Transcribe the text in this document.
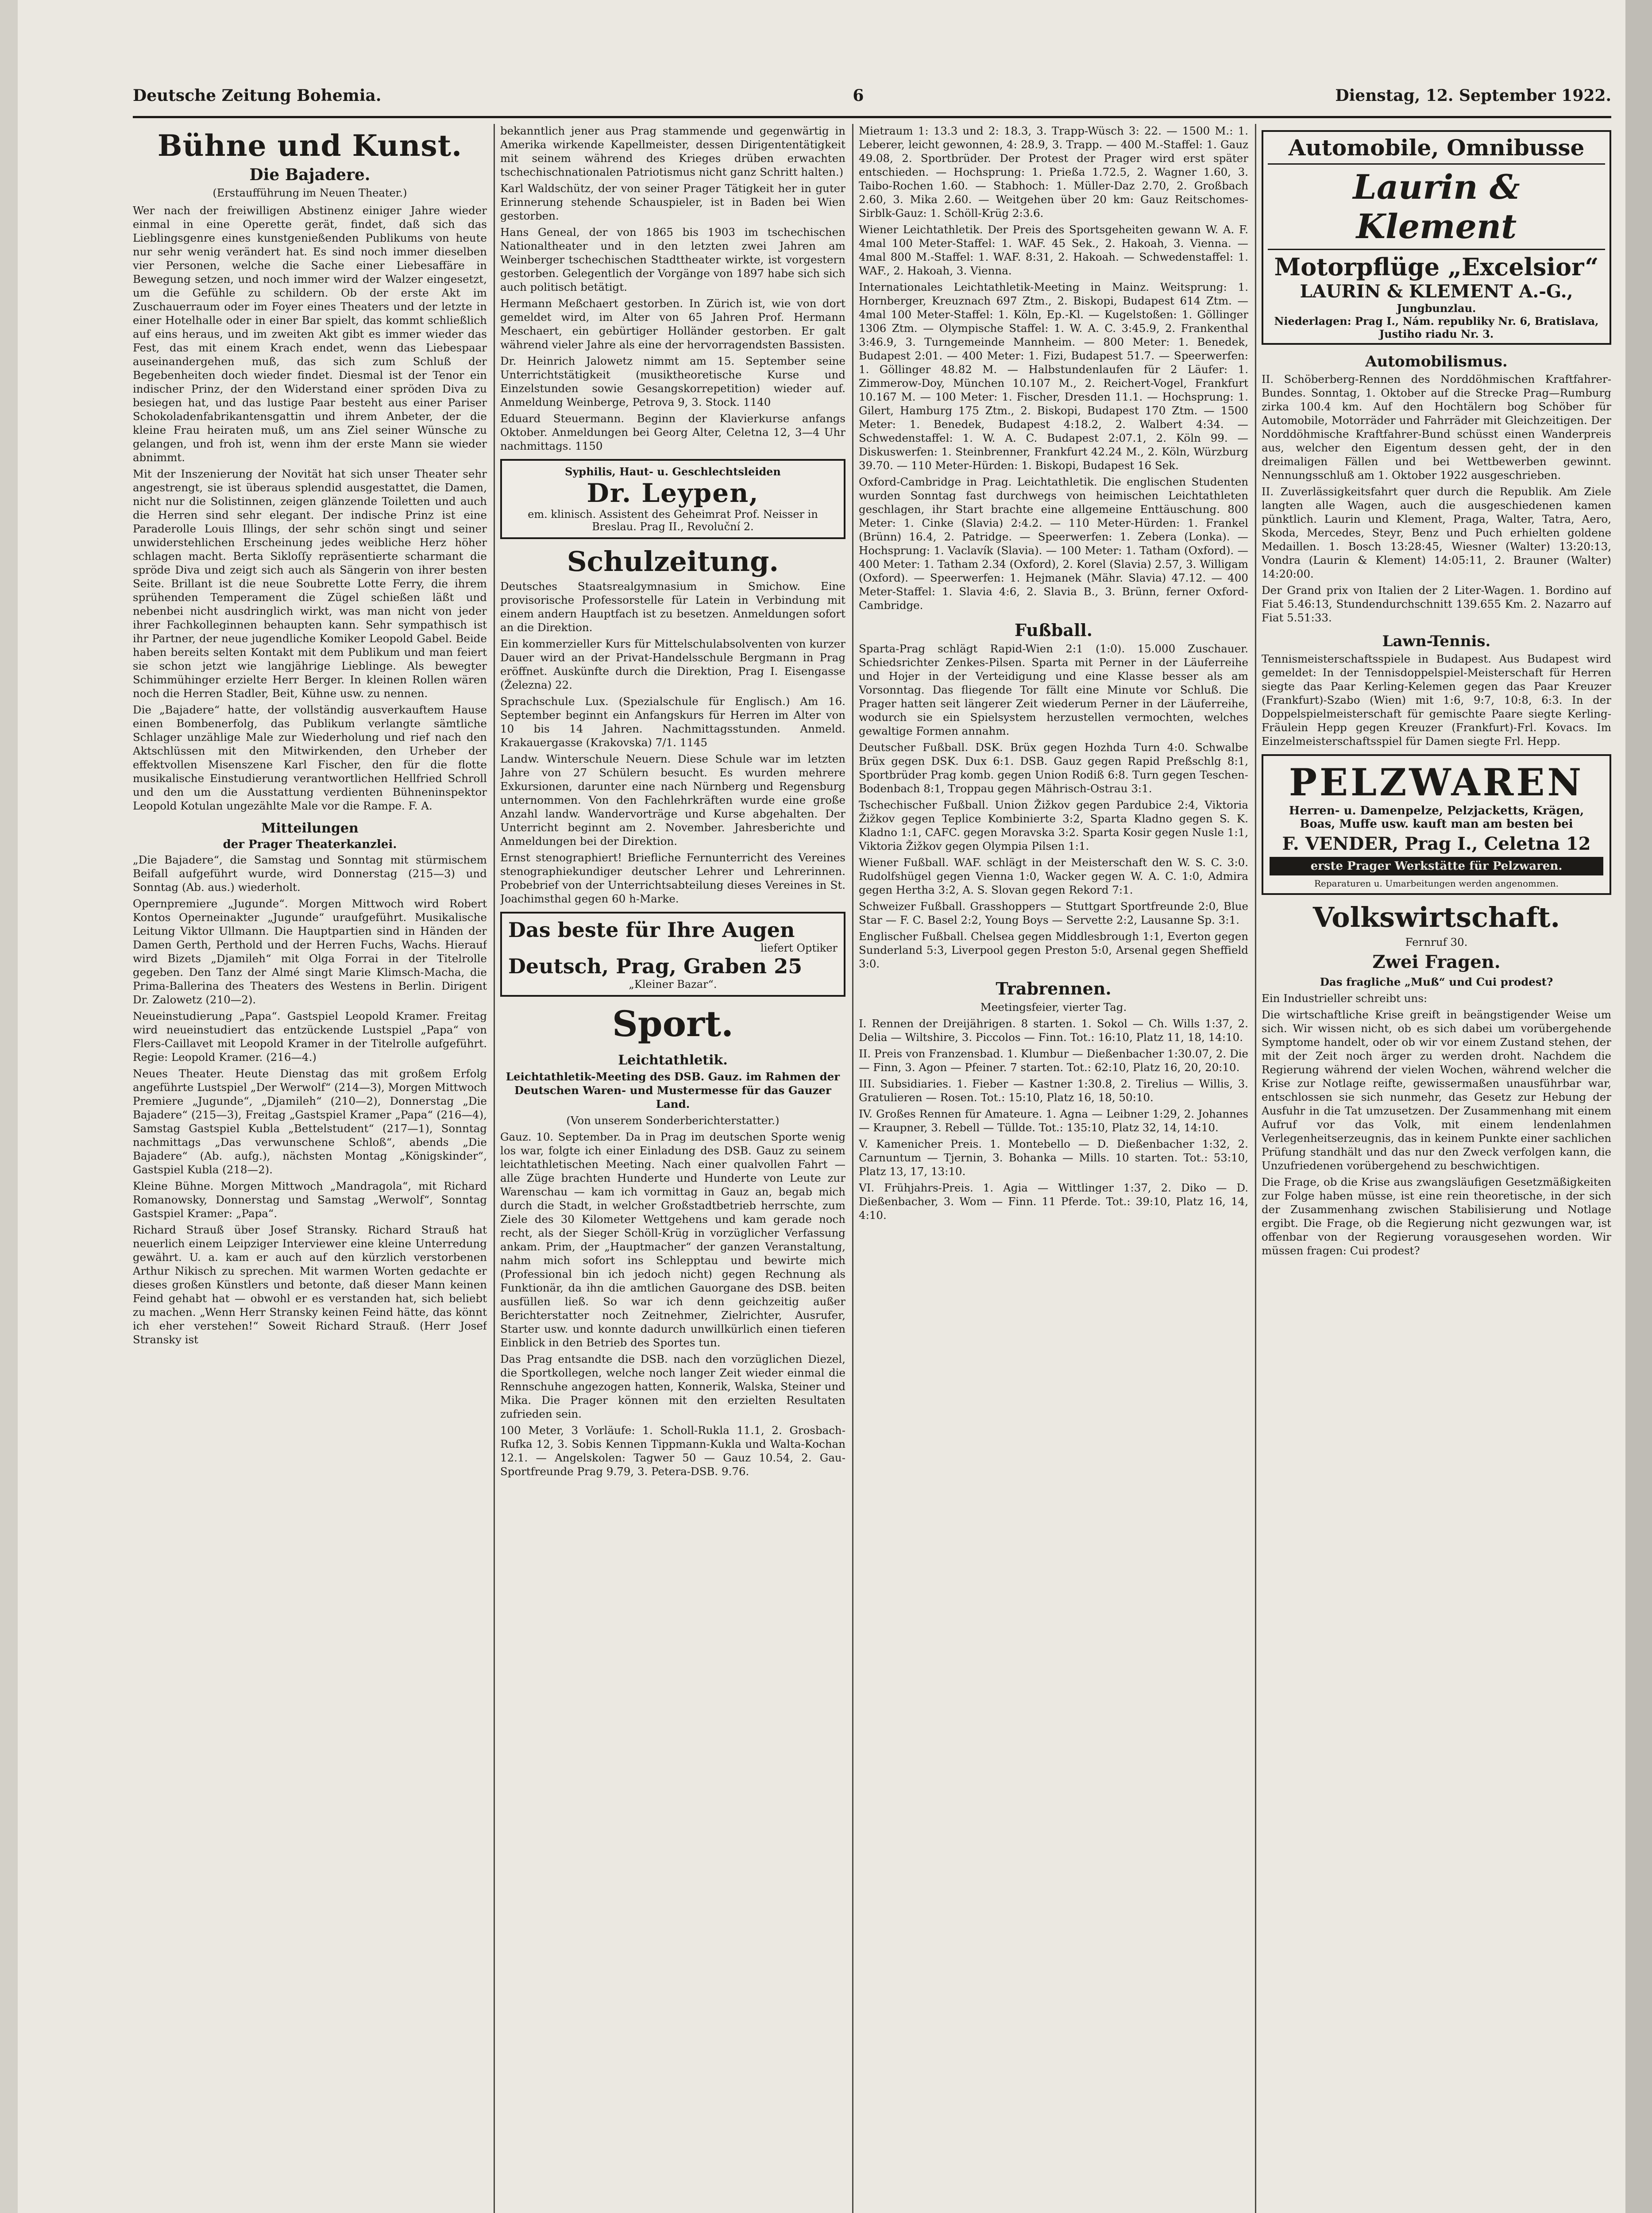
Deutsche Zeitung Bohemia.	6	Dienstag, 12. September 1922.
Bühne und Kunst.
Die Bajadere.
(Erstaufführung im Neuen Theater.)

Wer nach der freiwilligen Abstinenz einiger Jahre wieder einmal in eine Operette gerät, findet, daß sich das Lieblingsgenre eines kunstgenießenden Publikums von heute nur sehr wenig verändert hat. Es sind noch immer dieselben vier Personen, welche die Sache einer Liebesaffäre in Bewegung setzen, und noch immer wird der Walzer eingesetzt, um die Gefühle zu schildern. Ob der erste Akt im Zuschauerraum oder im Foyer eines Theaters und der letzte in einer Hotelhalle oder in einer Bar spielt, das kommt schließlich auf eins heraus, und im zweiten Akt gibt es immer wieder das Fest, das mit einem Krach endet, wenn das Liebespaar auseinandergehen muß, das sich zum Schluß der Begebenheiten doch wieder findet. Diesmal ist der Tenor ein indischer Prinz, der den Widerstand einer spröden Diva zu besiegen hat, und das lustige Paar besteht aus einer Pariser Schokoladenfabrikantensgattin und ihrem Anbeter, der die kleine Frau heiraten muß, um ans Ziel seiner Wünsche zu gelangen, und froh ist, wenn ihm der erste Mann sie wieder abnimmt.

Mit der Inszenierung der Novität hat sich unser Theater sehr angestrengt, sie ist überaus splendid ausgestattet, die Damen, nicht nur die Solistinnen, zeigen glänzende Toiletten und auch die Herren sind sehr elegant. Der indische Prinz ist eine Paraderolle Louis Illings, der sehr schön singt und seiner unwiderstehlichen Erscheinung jedes weibliche Herz höher schlagen macht. Berta Sikloſſy repräsentierte scharmant die spröde Diva und zeigt sich auch als Sängerin von ihrer besten Seite. Brillant ist die neue Soubrette Lotte Ferry, die ihrem sprühenden Temperament die Zügel schießen läßt und nebenbei nicht ausdringlich wirkt, was man nicht von jeder ihrer Fachkolleginnen behaupten kann. Sehr sympathisch ist ihr Partner, der neue jugendliche Komiker Leopold Gabel. Beide haben bereits selten Kontakt mit dem Publikum und man feiert sie schon jetzt wie langjährige Lieblinge. Als bewegter Schimmühinger erzielte Herr Berger. In kleinen Rollen wären noch die Herren Stadler, Beit, Kühne usw. zu nennen.

Die „Bajadere“ hatte, der vollständig ausverkauftem Hause einen Bombenerfolg, das Publikum verlangte sämtliche Schlager unzählige Male zur Wiederholung und rief nach den Aktschlüssen mit den Mitwirkenden, den Urheber der effektvollen Misenszene Karl Fischer, den für die flotte musikalische Einstudierung verantwortlichen Hellfried Schroll und den um die Ausstattung verdienten Bühneninspektor Leopold Kotulan ungezählte Male vor die Rampe. F. A.

Mitteilungen
der Prager Theaterkanzlei.

„Die Bajadere“, die Samstag und Sonntag mit stürmischem Beifall aufgeführt wurde, wird Donnerstag (215—3) und Sonntag (Ab. aus.) wiederholt.

Opernpremiere „Jugunde“. Morgen Mittwoch wird Robert Kontos Operneinakter „Jugunde“ uraufgeführt. Musikalische Leitung Viktor Ullmann. Die Hauptpartien sind in Händen der Damen Gerth, Perthold und der Herren Fuchs, Wachs. Hierauf wird Bizets „Djamileh“ mit Olga Forrai in der Titelrolle gegeben. Den Tanz der Almé singt Marie Klimsch-Macha, die Prima-Ballerina des Theaters des Westens in Berlin. Dirigent Dr. Zalowetz (210—2).

Neueinstudierung „Papa“. Gastspiel Leopold Kramer. Freitag wird neueinstudiert das entzückende Lustspiel „Papa“ von Flers-Caillavet mit Leopold Kramer in der Titelrolle aufgeführt. Regie: Leopold Kramer. (216—4.)

Neues Theater. Heute Dienstag das mit großem Erfolg angeführte Lustspiel „Der Werwolf“ (214—3), Morgen Mittwoch Premiere „Jugunde“, „Djamileh“ (210—2), Donnerstag „Die Bajadere“ (215—3), Freitag „Gastspiel Kramer „Papa“ (216—4), Samstag Gastspiel Kubla „Bettelstudent“ (217—1), Sonntag nachmittags „Das verwunschene Schloß“, abends „Die Bajadere“ (Ab. aufg.), nächsten Montag „Königskinder“, Gastspiel Kubla (218—2).

Kleine Bühne. Morgen Mittwoch „Mandragola“, mit Richard Romanowsky, Donnerstag und Samstag „Werwolf“, Sonntag Gastspiel Kramer: „Papa“.

Richard Strauß über Josef Stransky. Richard Strauß hat neuerlich einem Leipziger Interviewer eine kleine Unterredung gewährt. U. a. kam er auch auf den kürzlich verstorbenen Arthur Nikisch zu sprechen. Mit warmen Worten gedachte er dieses großen Künstlers und betonte, daß dieser Mann keinen Feind gehabt hat — obwohl er es verstanden hat, sich beliebt zu machen. „Wenn Herr Stransky keinen Feind hätte, das könnt ich eher verstehen!“ Soweit Richard Strauß. (Herr Josef Stransky ist

bekanntlich jener aus Prag stammende und gegenwärtig in Amerika wirkende Kapellmeister, dessen Dirigententätigkeit mit seinem während des Krieges drüben erwachten tschechischnationalen Patriotismus nicht ganz Schritt halten.)

Karl Waldschütz, der von seiner Prager Tätigkeit her in guter Erinnerung stehende Schauspieler, ist in Baden bei Wien gestorben.

Hans Geneal, der von 1865 bis 1903 im tschechischen Nationaltheater und in den letzten zwei Jahren am Weinberger tschechischen Stadttheater wirkte, ist vorgestern gestorben. Gelegentlich der Vorgänge von 1897 habe sich sich auch politisch betätigt.

Hermann Meßchaert gestorben. In Zürich ist, wie von dort gemeldet wird, im Alter von 65 Jahren Prof. Hermann Meschaert, ein gebürtiger Holländer gestorben. Er galt während vieler Jahre als eine der hervorragendsten Bassisten.

Dr. Heinrich Jalowetz nimmt am 15. September seine Unterrichtstätigkeit (musiktheoretische Kurse und Einzelstunden sowie Gesangskorrepetition) wieder auf. Anmeldung Weinberge, Petrova 9, 3. Stock. 1140

Eduard Steuermann. Beginn der Klavierkurse anfangs Oktober. Anmeldungen bei Georg Alter, Celetna 12, 3—4 Uhr nachmittags. 1150

Syphilis, Haut- u. Geschlechtsleiden
Dr. Leypen,
em. klinisch. Assistent des Geheimrat Prof. Neisser in Breslau. Prag II., Revoluční 2.
Schulzeitung.

Deutsches Staatsrealgymnasium in Smichow. Eine provisorische Professorstelle für Latein in Verbindung mit einem andern Hauptfach ist zu besetzen. Anmeldungen sofort an die Direktion.

Ein kommerzieller Kurs für Mittelschulabsolventen von kurzer Dauer wird an der Privat-Handelsschule Bergmann in Prag eröffnet. Auskünfte durch die Direktion, Prag I. Eisengasse (Železna) 22.

Sprachschule Lux. (Spezialschule für Englisch.) Am 16. September beginnt ein Anfangskurs für Herren im Alter von 10 bis 14 Jahren. Nachmittagsstunden. Anmeld. Krakauergasse (Krakovska) 7/1. 1145

Landw. Winterschule Neuern. Diese Schule war im letzten Jahre von 27 Schülern besucht. Es wurden mehrere Exkursionen, darunter eine nach Nürnberg und Regensburg unternommen. Von den Fachlehrkräften wurde eine große Anzahl landw. Wandervorträge und Kurse abgehalten. Der Unterricht beginnt am 2. November. Jahresberichte und Anmeldungen bei der Direktion.

Ernst stenographiert! Briefliche Fernunterricht des Vereines stenographiekundiger deutscher Lehrer und Lehrerinnen. Probebrief von der Unterrichtsabteilung dieses Vereines in St. Joachimsthal gegen 60 h-Marke.

Das beste für Ihre Augen
liefert Optiker
Deutsch, Prag, Graben 25
„Kleiner Bazar“.
Sport.
Leichtathletik.

Leichtathletik-Meeting des DSB. Gauz. im Rahmen der Deutschen Waren- und Mustermesse für das Gauzer Land.

(Von unserem Sonderberichterstatter.)

Gauz. 10. September. Da in Prag im deutschen Sporte wenig los war, folgte ich einer Einladung des DSB. Gauz zu seinem leichtathletischen Meeting. Nach einer qualvollen Fahrt — alle Züge brachten Hunderte und Hunderte von Leute zur Warenschau — kam ich vormittag in Gauz an, begab mich durch die Stadt, in welcher Großstadtbetrieb herrschte, zum Ziele des 30 Kilometer Wettgehens und kam gerade noch recht, als der Sieger Schöll-Krüg in vorzüglicher Verfassung ankam. Prim, der „Hauptmacher“ der ganzen Veranstaltung, nahm mich sofort ins Schlepptau und bewirte mich (Professional bin ich jedoch nicht) gegen Rechnung als Funktionär, da ihn die amtlichen Gauorgane des DSB. beiten ausfüllen ließ. So war ich denn geichzeitig außer Berichterstatter noch Zeitnehmer, Zielrichter, Ausrufer, Starter usw. und konnte dadurch unwillkürlich einen tieferen Einblick in den Betrieb des Sportes tun.

Das Prag entsandte die DSB. nach den vorzüglichen Diezel, die Sportkollegen, welche noch langer Zeit wieder einmal die Rennschuhe angezogen hatten, Konnerik, Walska, Steiner und Mika. Die Prager können mit den erzielten Resultaten zufrieden sein.

100 Meter, 3 Vorläufe: 1. Scholl-Rukla 11.1, 2. Grosbach-Rufka 12, 3. Sobis Kennen Tippmann-Kukla und Walta-Kochan 12.1. — Angelskolen: Tagwer 50 — Gauz 10.54, 2. Gau-Sportfreunde Prag 9.79, 3. Petera-DSB. 9.76.

Mietraum 1: 13.3 und 2: 18.3, 3. Trapp-Wüsch 3: 22. — 1500 M.: 1. Leberer, leicht gewonnen, 4: 28.9, 3. Trapp. — 400 M.-Staffel: 1. Gauz 49.08, 2. Sportbrüder. Der Protest der Prager wird erst später entschieden. — Hochsprung: 1. Prießa 1.72.5, 2. Wagner 1.60, 3. Taibo-Rochen 1.60. — Stabhoch: 1. Müller-Daz 2.70, 2. Großbach 2.60, 3. Mika 2.60. — Weitgehen über 20 km: Gauz Reitschomes-Sirblk-Gauz: 1. Schöll-Krüg 2:3.6.

Wiener Leichtathletik. Der Preis des Sportsgeheiten gewann W. A. F. 4mal 100 Meter-Staffel: 1. WAF. 45 Sek., 2. Hakoah, 3. Vienna. — 4mal 800 M.-Staffel: 1. WAF. 8:31, 2. Hakoah. — Schwedenstaffel: 1. WAF., 2. Hakoah, 3. Vienna.

Internationales Leichtathletik-Meeting in Mainz. Weitsprung: 1. Hornberger, Kreuznach 697 Ztm., 2. Biskopi, Budapest 614 Ztm. — 4mal 100 Meter-Staffel: 1. Köln, Ep.-Kl. — Kugelstoßen: 1. Göllinger 1306 Ztm. — Olympische Staffel: 1. W. A. C. 3:45.9, 2. Frankenthal 3:46.9, 3. Turngemeinde Mannheim. — 800 Meter: 1. Benedek, Budapest 2:01. — 400 Meter: 1. Fizi, Budapest 51.7. — Speerwerfen: 1. Göllinger 48.82 M. — Halbstundenlaufen für 2 Läufer: 1. Zimmerow-Doy, München 10.107 M., 2. Reichert-Vogel, Frankfurt 10.167 M. — 100 Meter: 1. Fischer, Dresden 11.1. — Hochsprung: 1. Gilert, Hamburg 175 Ztm., 2. Biskopi, Budapest 170 Ztm. — 1500 Meter: 1. Benedek, Budapest 4:18.2, 2. Walbert 4:34. — Schwedenstaffel: 1. W. A. C. Budapest 2:07.1, 2. Köln 99. — Diskuswerfen: 1. Steinbrenner, Frankfurt 42.24 M., 2. Köln, Würzburg 39.70. — 110 Meter-Hürden: 1. Biskopi, Budapest 16 Sek.

Oxford-Cambridge in Prag. Leichtathletik. Die englischen Studenten wurden Sonntag fast durchwegs von heimischen Leichtathleten geschlagen, ihr Start brachte eine allgemeine Enttäuschung. 800 Meter: 1. Cinke (Slavia) 2:4.2. — 110 Meter-Hürden: 1. Frankel (Brünn) 16.4, 2. Patridge. — Speerwerfen: 1. Zebera (Lonka). — Hochsprung: 1. Vaclavík (Slavia). — 100 Meter: 1. Tatham (Oxford). — 400 Meter: 1. Tatham 2.34 (Oxford), 2. Korel (Slavia) 2.57, 3. Willigam (Oxford). — Speerwerfen: 1. Hejmanek (Mähr. Slavia) 47.12. — 400 Meter-Staffel: 1. Slavia 4:6, 2. Slavia B., 3. Brünn, ferner Oxford-Cambridge.

Fußball.

Sparta-Prag schlägt Rapid-Wien 2:1 (1:0). 15.000 Zuschauer. Schiedsrichter Zenkes-Pilsen. Sparta mit Perner in der Läuferreihe und Hojer in der Verteidigung und eine Klasse besser als am Vorsonntag. Das fliegende Tor fällt eine Minute vor Schluß. Die Prager hatten seit längerer Zeit wiederum Perner in der Läuferreihe, wodurch sie ein Spielsystem herzustellen vermochten, welches gewaltige Formen annahm.

Deutscher Fußball. DSK. Brüx gegen Hozhda Turn 4:0. Schwalbe Brüx gegen DSK. Dux 6:1. DSB. Gauz gegen Rapid Preßschlg 8:1, Sportbrüder Prag komb. gegen Union Rodiß 6:8. Turn gegen Teschen-Bodenbach 8:1, Troppau gegen Mährisch-Ostrau 3:1.

Tschechischer Fußball. Union Žižkov gegen Pardubice 2:4, Viktoria Žižkov gegen Teplice Kombinierte 3:2, Sparta Kladno gegen S. K. Kladno 1:1, CAFC. gegen Moravska 3:2. Sparta Kosir gegen Nusle 1:1, Viktoria Žižkov gegen Olympia Pilsen 1:1.

Wiener Fußball. WAF. schlägt in der Meisterschaft den W. S. C. 3:0. Rudolfshügel gegen Vienna 1:0, Wacker gegen W. A. C. 1:0, Admira gegen Hertha 3:2, A. S. Slovan gegen Rekord 7:1.

Schweizer Fußball. Grasshoppers — Stuttgart Sportfreunde 2:0, Blue Star — F. C. Basel 2:2, Young Boys — Servette 2:2, Lausanne Sp. 3:1.

Englischer Fußball. Chelsea gegen Middlesbrough 1:1, Everton gegen Sunderland 5:3, Liverpool gegen Preston 5:0, Arsenal gegen Sheffield 3:0.

Trabrennen.

Meetingsfeier, vierter Tag.

I. Rennen der Dreijährigen. 8 starten. 1. Sokol — Ch. Wills 1:37, 2. Delia — Wiltshire, 3. Piccolos — Finn. Tot.: 16:10, Platz 11, 18, 14:10.

II. Preis von Franzensbad. 1. Klumbur — Dießenbacher 1:30.07, 2. Die — Finn, 3. Agon — Pfeiner. 7 starten. Tot.: 62:10, Platz 16, 20, 20:10.

III. Subsidiaries. 1. Fieber — Kastner 1:30.8, 2. Tirelius — Willis, 3. Gratulieren — Rosen. Tot.: 15:10, Platz 16, 18, 50:10.

IV. Großes Rennen für Amateure. 1. Agna — Leibner 1:29, 2. Johannes — Kraupner, 3. Rebell — Tüllde. Tot.: 135:10, Platz 32, 14, 14:10.

V. Kamenicher Preis. 1. Montebello — D. Dießenbacher 1:32, 2. Carnuntum — Tjernin, 3. Bohanka — Mills. 10 starten. Tot.: 53:10, Platz 13, 17, 13:10.

VI. Frühjahrs-Preis. 1. Agia — Wittlinger 1:37, 2. Diko — D. Dießenbacher, 3. Wom — Finn. 11 Pferde. Tot.: 39:10, Platz 16, 14, 4:10.

Automobile, Omnibusse
Laurin & Klement
Motorpflüge „Excelsior“
LAURIN & KLEMENT A.-G.,
Jungbunzlau.
Niederlagen: Prag I., Nám. republiky Nr. 6, Bratislava, Justiho riadu Nr. 3.
Automobilismus.

II. Schöberberg-Rennen des Norddöhmischen Kraftfahrer-Bundes. Sonntag, 1. Oktober auf die Strecke Prag—Rumburg zirka 100.4 km. Auf den Hochtälern bog Schöber für Automobile, Motorräder und Fahrräder mit Gleichzeitigen. Der Norddöhmische Kraftfahrer-Bund schüsst einen Wanderpreis aus, welcher den Eigentum dessen geht, der in den dreimaligen Fällen und bei Wettbewerben gewinnt. Nennungsschluß am 1. Oktober 1922 ausgeschrieben.

II. Zuverlässigkeitsfahrt quer durch die Republik. Am Ziele langten alle Wagen, auch die ausgeschiedenen kamen pünktlich. Laurin und Klement, Praga, Walter, Tatra, Aero, Skoda, Mercedes, Steyr, Benz und Puch erhielten goldene Medaillen. 1. Bosch 13:28:45, Wiesner (Walter) 13:20:13, Vondra (Laurin & Klement) 14:05:11, 2. Brauner (Walter) 14:20:00.

Der Grand prix von Italien der 2 Liter-Wagen. 1. Bordino auf Fiat 5.46:13, Stundendurchschnitt 139.655 Km. 2. Nazarro auf Fiat 5.51:33.

Lawn-Tennis.

Tennismeisterschaftsspiele in Budapest. Aus Budapest wird gemeldet: In der Tennisdoppelspiel-Meisterschaft für Herren siegte das Paar Kerling-Kelemen gegen das Paar Kreuzer (Frankfurt)-Szabo (Wien) mit 1:6, 9:7, 10:8, 6:3. In der Doppelspielmeisterschaft für gemischte Paare siegte Kerling-Fräulein Hepp gegen Kreuzer (Frankfurt)-Frl. Kovacs. Im Einzelmeisterschaftsspiel für Damen siegte Frl. Hepp.

PELZWAREN
Herren- u. Damenpelze, Pelzjacketts, Krägen, Boas, Muffe usw. kauft man am besten bei
F. VENDER, Prag I., Celetna 12
erste Prager Werkstätte für Pelzwaren.
Reparaturen u. Umarbeitungen werden angenommen.
Volkswirtschaft.

Fernruf 30.

Zwei Fragen.

Das fragliche „Muß“ und Cui prodest?

Ein Industrieller schreibt uns:

Die wirtschaftliche Krise greift in beängstigender Weise um sich. Wir wissen nicht, ob es sich dabei um vorübergehende Symptome handelt, oder ob wir vor einem Zustand stehen, der mit der Zeit noch ärger zu werden droht. Nachdem die Regierung während der vielen Wochen, während welcher die Krise zur Notlage reifte, gewissermaßen unausführbar war, entschlossen sie sich nunmehr, das Gesetz zur Hebung der Ausfuhr in die Tat umzusetzen. Der Zusammenhang mit einem Aufruf vor das Volk, mit einem lendenlahmen Verlegenheitserzeugnis, das in keinem Punkte einer sachlichen Prüfung standhält und das nur den Zweck verfolgen kann, die Unzufriedenen vorübergehend zu beschwichtigen.

Die Frage, ob die Krise aus zwangsläufigen Gesetzmäßigkeiten zur Folge haben müsse, ist eine rein theoretische, in der sich der Zusammenhang zwischen Stabilisierung und Notlage ergibt. Die Frage, ob die Regierung nicht gezwungen war, ist offenbar von der Regierung vorausgesehen worden. Wir müssen fragen: Cui prodest?
